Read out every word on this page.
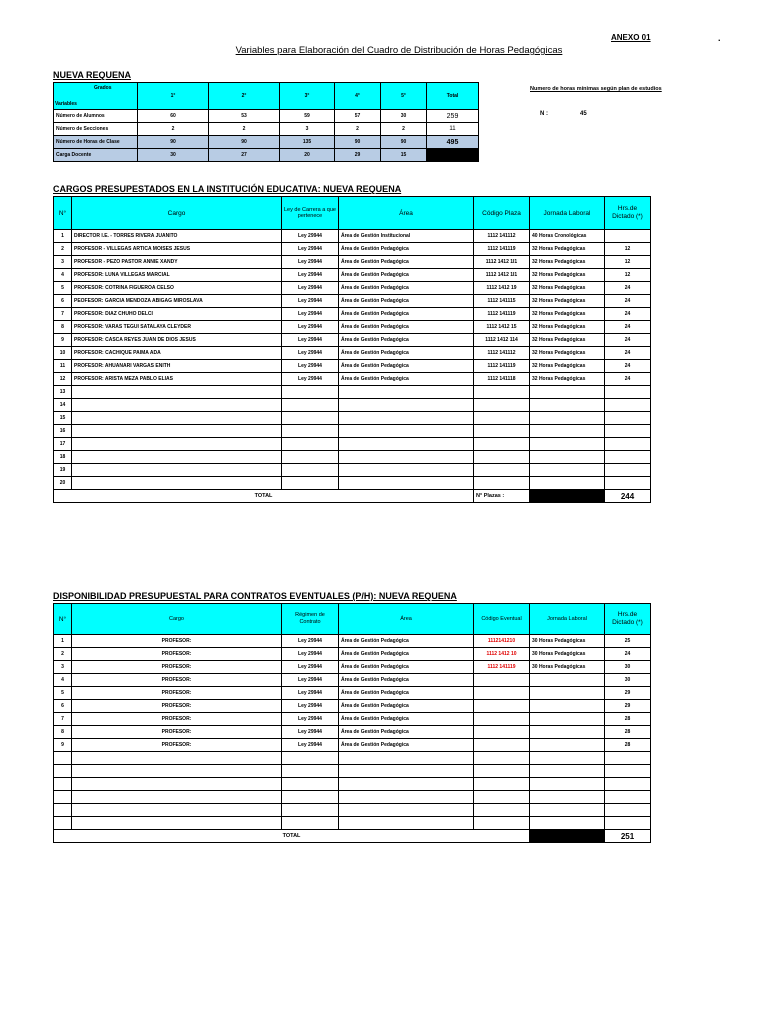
ANEXO 01	.
Variables para Elaboración del Cuadro de Distribución de Horas Pedagógicas
NUEVA REQUENA
Grados
Variables	1°	2°	3°	4°	5°	Total
Número de Alumnos	60	53	59	57	30	259
Número de Secciones	2	2	3	2	2	11
Número de Horas de Clase	90	90	135	90	90	495
Carga Docente	30	27	20	29	15	
Numero de horas mínimas según plan de estudios
N :	45
CARGOS PRESUPESTADOS EN LA INSTITUCIÓN EDUCATIVA: NUEVA REQUENA
N°	Cargo	Ley de Carrera a que pertenece	Área	Código Plaza	Jornada Laboral	Hrs.de Dictado (*)
1	DIRECTOR I.E. - TORRES RIVERA JUANITO	Ley 29944	Área de Gestión Institucional	1112 141112	40 Horas Cronológicas	
2	PROFESOR - VILLEGAS ARTICA MOISES JESUS	Ley 29944	Área de Gestión Pedagógica	1112 141119	32 Horas Pedagógicas	12
3	PROFESOR - PEZO PASTOR ANNIE XANDY	Ley 29944	Área de Gestión Pedagógica	1112 1412 1I1	32 Horas Pedagógicas	12
4	PROFESOR: LUNA VILLEGAS MARCIAL	Ley 29944	Área de Gestión Pedagógica	1112 1412 1I1	32 Horas Pedagógicas	12
5	PROFESOR: COTRINA FIGUEROA CELSO	Ley 29944	Área de Gestión Pedagógica	1112 1412 19	32 Horas Pedagógicas	24
6	PEOFESOR: GARCIA MENDOZA ABIGAG MIROSLAVA	Ley 29944	Área de Gestión Pedagógica	1112 141115	32 Horas Pedagógicas	24
7	PROFESOR: DIAZ CHUHO DELCI	Ley 29944	Área de Gestión Pedagógica	1112 141119	32 Horas Pedagógicas	24
8	PROFESOR: VARAS TEGUI SATALAYA CLEYDER	Ley 29944	Área de Gestión Pedagógica	1112 1412 15	32 Horas Pedagógicas	24
9	PROFESOR: CASCA REYES JUAN DE DIOS JESUS	Ley 29944	Área de Gestión Pedagógica	1112 1412 114	32 Horas Pedagógicas	24
10	PROFESOR: CACHIQUE PAIMA ADA	Ley 29944	Área de Gestión Pedagógica	1112 141112	32 Horas Pedagógicas	24
11	PROFESOR: AHUANARI VARGAS ENITH	Ley 29944	Área de Gestión Pedagógica	1112 141119	32 Horas Pedagógicas	24
12	PROFESOR: ARISTA MEZA PABLO ELIAS	Ley 29944	Área de Gestión Pedagógica	1112 141118	32 Horas Pedagógicas	24
13						
14						
15						
16						
17						
18						
19						
20						
TOTAL				N° Plazas :		244
DISPONIBILIDAD PRESUPUESTAL PARA CONTRATOS EVENTUALES (P/H): NUEVA REQUENA
N°	Cargo	Régimen de Contrato	Área	Código Eventual	Jornada Laboral	Hrs.de Dictado (*)
1	PROFESOR:	Ley 29944	Área de Gestión Pedagógica	1112141210	30 Horas Pedagógicas	25
2	PROFESOR:	Ley 29944	Área de Gestión Pedagógica	1112 1412 10	30 Horas Pedagógicas	24
3	PROFESOR:	Ley 29944	Área de Gestión Pedagógica	1112 141119	30 Horas Pedagógicas	30
4	PROFESOR:	Ley 29944	Área de Gestión Pedagógica			30
5	PROFESOR:	Ley 29944	Área de Gestión Pedagógica			29
6	PROFESOR:	Ley 29944	Área de Gestión Pedagógica			29
7	PROFESOR:	Ley 29944	Área de Gestión Pedagógica			28
8	PROFESOR:	Ley 29944	Área de Gestión Pedagógica			28
9	PROFESOR:	Ley 29944	Área de Gestión Pedagógica			28

TOTAL						251
